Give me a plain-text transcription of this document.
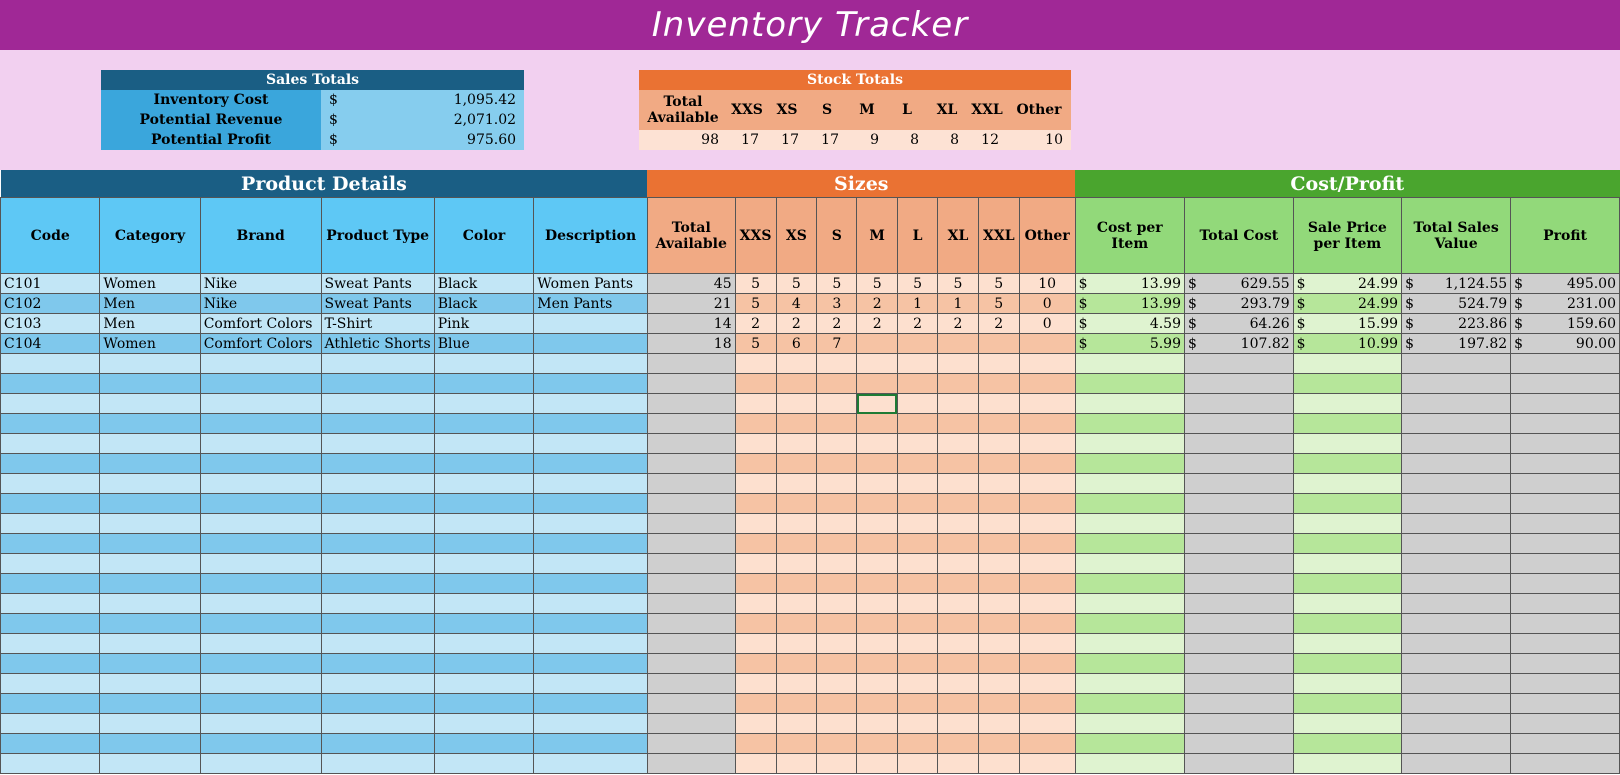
Inventory Tracker
Sales Totals		
Inventory Cost	$	1,095.42
Potential Revenue	$	2,071.02
Potential Profit	$	975.60
Stock Totals								
Total Available	XXS	XS	S	M	L	XL	XXL	Other
98	17	17	17	9	8	8	12	10
Product Details						Sizes									Cost/Profit				
Code	Category	Brand	Product Type	Color	Description	Total Available	XXS	XS	S	M	L	XL	XXL	Other	Cost per Item	Total Cost	Sale Price per Item	Total Sales Value	Profit
C101	Women	Nike	Sweat Pants	Black	Women Pants	45	5	5	5	5	5	5	5	10	$ 13.99	$ 629.55	$ 24.99	$ 1,124.55	$ 495.00

C102	Men	Nike	Sweat Pants	Black	Men Pants	21	5	4	3	2	1	1	5	0	$ 13.99	$ 293.79	$ 24.99	$ 524.79	$ 231.00

C103	Men	Comfort Colors	T-Shirt	Pink		14	2	2	2	2	2	2	2	0	$ 4.59	$ 64.26	$ 15.99	$ 223.86	$ 159.60

C104	Women	Comfort Colors	Athletic Shorts	Blue		18	5	6	7						$ 5.99	$ 107.82	$ 10.99	$ 197.82	$ 90.00
